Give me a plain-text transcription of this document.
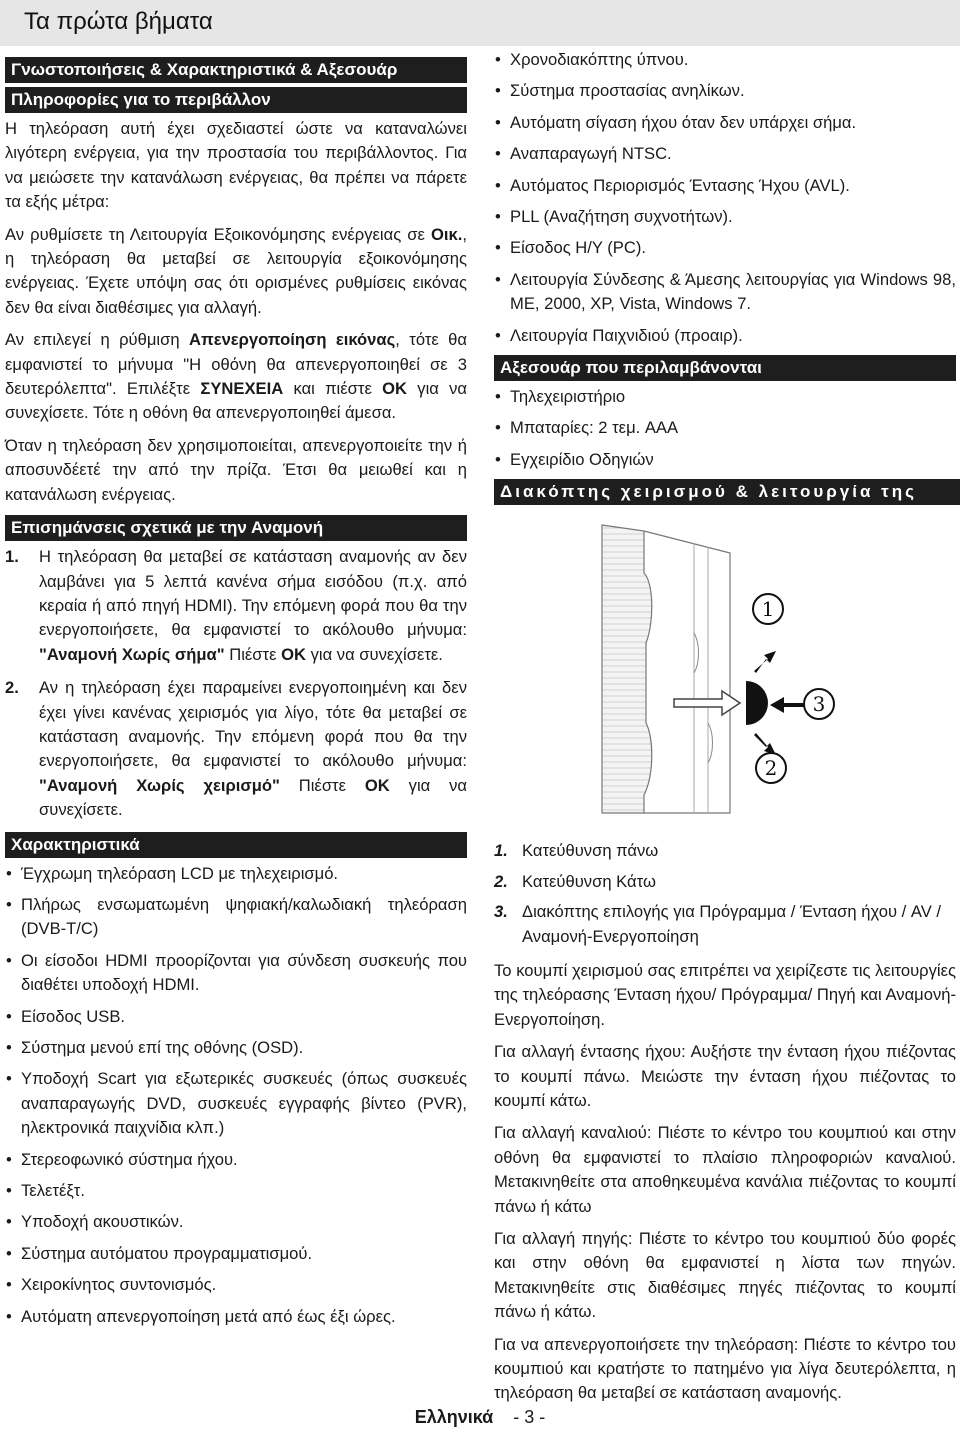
Τα πρώτα βήματα
Γνωστοποιήσεις & Χαρακτηριστικά & Αξεσουάρ
Πληροφορίες για το περιβάλλον

Η τηλεόραση αυτή έχει σχεδιαστεί ώστε να καταναλώνει λιγότερη ενέργεια, για την προστασία του περιβάλλοντος. Για να μειώσετε την κατανάλωση ενέργειας, θα πρέπει να πάρετε τα εξής μέτρα:

Αν ρυθμίσετε τη Λειτουργία Εξοικονόμησης ενέργειας σε Οικ., η τηλεόραση θα μεταβεί σε λειτουργία εξοικονόμησης ενέργειας. Έχετε υπόψη σας ότι ορισμένες ρυθμίσεις εικόνας δεν θα είναι διαθέσιμες για αλλαγή.

Αν επιλεγεί η ρύθμιση Απενεργοποίηση εικόνας, τότε θα εμφανιστεί το μήνυμα "Η οθόνη θα απενεργοποιηθεί σε 3 δευτερόλεπτα". Επιλέξτε ΣΥΝΕΧΕΙΑ και πιέστε OK για να συνεχίσετε. Τότε η οθόνη θα απενεργοποιηθεί άμεσα.

Όταν η τηλεόραση δεν χρησιμοποιείται, απενεργοποιείτε την ή αποσυνδέετέ την από την πρίζα. Έτσι θα μειωθεί και η κατανάλωση ενέργειας.

Επισημάνσεις σχετικά με την Αναμονή
1. Η τηλεόραση θα μεταβεί σε κατάσταση αναμονής αν δεν λαμβάνει για 5 λεπτά κανένα σήμα εισόδου (π.χ. από κεραία ή από πηγή HDMI). Την επόμενη φορά που θα την ενεργοποιήσετε, θα εμφανιστεί το ακόλουθο μήνυμα: "Αναμονή Χωρίς σήμα" Πιέστε OK για να συνεχίσετε.
2. Αν η τηλεόραση έχει παραμείνει ενεργοποιημένη και δεν έχει γίνει κανένας χειρισμός για λίγο, τότε θα μεταβεί σε κατάσταση αναμονής. Την επόμενη φορά που θα την ενεργοποιήσετε, θα εμφανιστεί το ακόλουθο μήνυμα: "Αναμονή Χωρίς χειρισμό" Πιέστε OK για να συνεχίσετε.
Χαρακτηριστικά
• Έγχρωμη τηλεόραση LCD με τηλεχειρισμό.
• Πλήρως ενσωματωμένη ψηφιακή/καλωδιακή τηλεόραση (DVB-T/C)
• Οι είσοδοι HDMI προορίζονται για σύνδεση συσκευής που διαθέτει υποδοχή HDMI.
• Είσοδος USB.
• Σύστημα μενού επί της οθόνης (OSD).
• Υποδοχή Scart για εξωτερικές συσκευές (όπως συσκευές αναπαραγωγής DVD, συσκευές εγγραφής βίντεο (PVR), ηλεκτρονικά παιχνίδια κλπ.)
• Στερεοφωνικό σύστημα ήχου.
• Τελετέξτ.
• Υποδοχή ακουστικών.
• Σύστημα αυτόματου προγραμματισμού.
• Χειροκίνητος συντονισμός.
• Αυτόματη απενεργοποίηση μετά από έως έξι ώρες.
• Χρονοδιακόπτης ύπνου.
• Σύστημα προστασίας ανηλίκων.
• Αυτόματη σίγαση ήχου όταν δεν υπάρχει σήμα.
• Αναπαραγωγή NTSC.
• Αυτόματος Περιορισμός Έντασης Ήχου (AVL).
• PLL (Αναζήτηση συχνοτήτων).
• Είσοδος Η/Υ (PC).
• Λειτουργία Σύνδεσης & Άμεσης λειτουργίας για Windows 98, ME, 2000, XP, Vista, Windows 7.
• Λειτουργία Παιχνιδιού (προαιρ).
Αξεσουάρ που περιλαμβάνονται
• Τηλεχειριστήριο
• Μπαταρίες: 2 τεμ. AAA
• Εγχειρίδιο Οδηγιών
Διακόπτης χειρισμού & λειτουργία της
1
2
3
1. Κατεύθυνση πάνω
2. Κατεύθυνση Κάτω
3. Διακόπτης επιλογής για Πρόγραμμα / Ένταση ήχου / AV / Αναμονή-Ενεργοποίηση

Το κουμπί χειρισμού σας επιτρέπει να χειρίζεστε τις λειτουργίες της τηλεόρασης Ένταση ήχου/ Πρόγραμμα/ Πηγή και Αναμονή-Ενεργοποίηση.

Για αλλαγή έντασης ήχου: Αυξήστε την ένταση ήχου πιέζοντας το κουμπί πάνω. Μειώστε την ένταση ήχου πιέζοντας το κουμπί κάτω.

Για αλλαγή καναλιού: Πιέστε το κέντρο του κουμπιού και στην οθόνη θα εμφανιστεί το πλαίσιο πληροφοριών καναλιού. Μετακινηθείτε στα αποθηκευμένα κανάλια πιέζοντας το κουμπί πάνω ή κάτω

Για αλλαγή πηγής: Πιέστε το κέντρο του κουμπιού δύο φορές και στην οθόνη θα εμφανιστεί η λίστα των πηγών. Μετακινηθείτε στις διαθέσιμες πηγές πιέζοντας το κουμπί πάνω ή κάτω.

Για να απενεργοποιήσετε την τηλεόραση: Πιέστε το κέντρο του κουμπιού και κρατήστε το πατημένο για λίγα δευτερόλεπτα, η τηλεόραση θα μεταβεί σε κατάσταση αναμονής.

Ελληνικά - 3 -
